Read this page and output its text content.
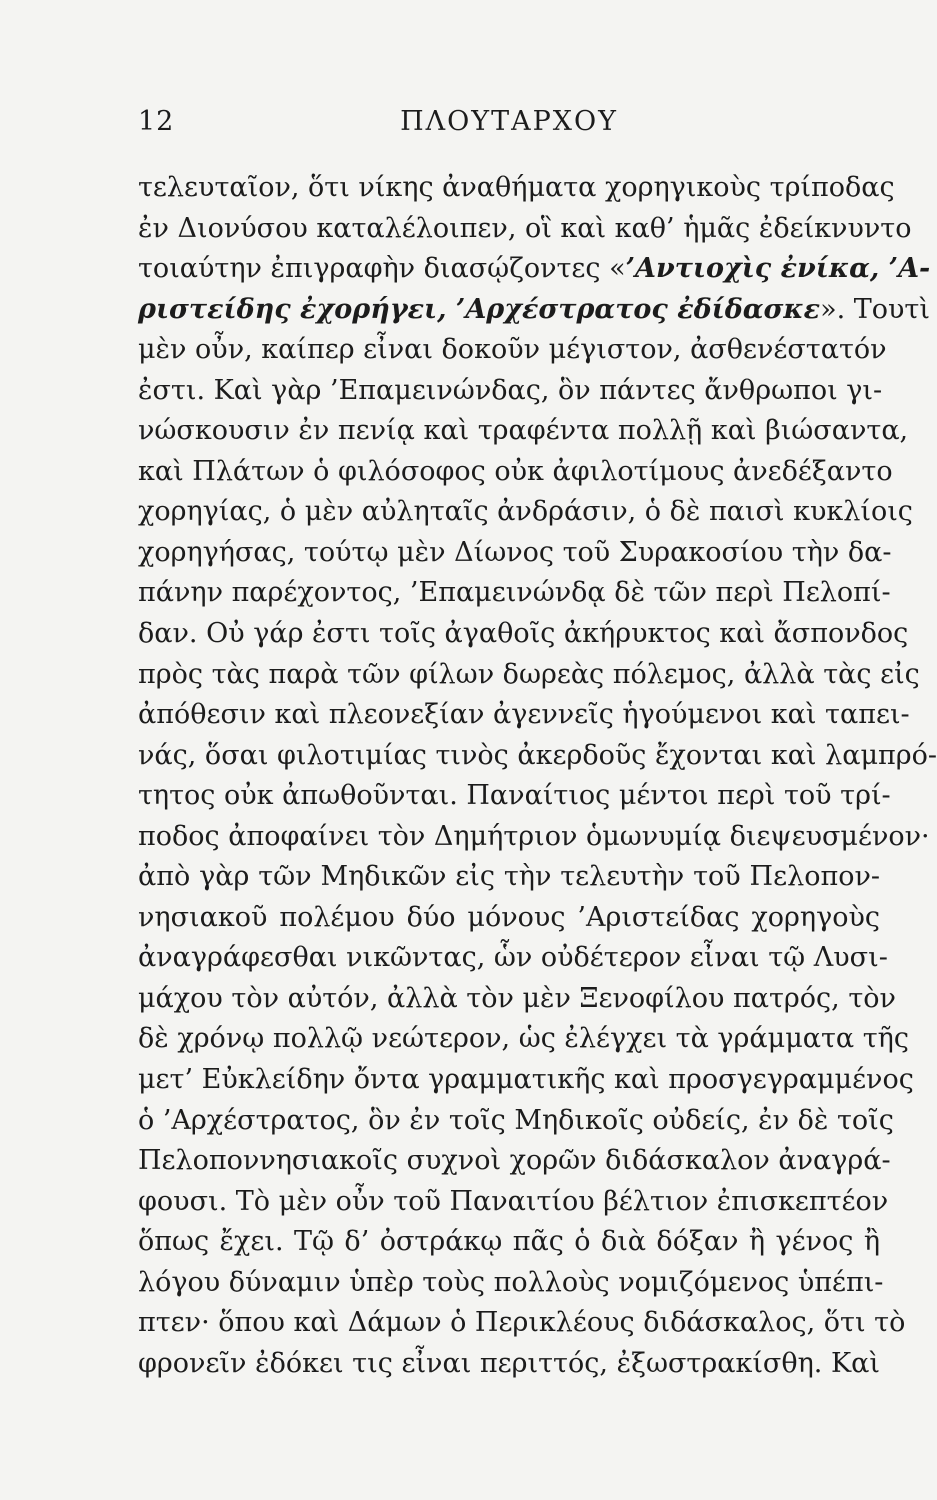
12	ΠΛΟΥΤΑΡΧΟΥ
τελευταῖον, ὅτι νίκης ἀναθήματα χορηγικοὺς τρίποδας
ἐν Διονύσου καταλέλοιπεν, οἳ καὶ καθ’ ἡμᾶς ἐδείκνυντο
τοιαύτην ἐπιγραφὴν διασῴζοντες «’Αντιοχὶς ἐνίκα, ’Α-
ριστείδης ἐχορήγει, ’Αρχέστρατος ἐδίδασκε». Τουτὶ
μὲν οὖν, καίπερ εἶναι δοκοῦν μέγιστον, ἀσθενέστατόν
ἐστι. Καὶ γὰρ ’Επαμεινώνδας, ὃν πάντες ἄνθρωποι γι-
νώσκουσιν ἐν πενίᾳ καὶ τραφέντα πολλῇ καὶ βιώσαντα,
καὶ Πλάτων ὁ φιλόσοφος οὐκ ἀφιλοτίμους ἀνεδέξαντο
χορηγίας, ὁ μὲν αὐληταῖς ἀνδράσιν, ὁ δὲ παισὶ κυκλίοις
χορηγήσας, τούτῳ μὲν Δίωνος τοῦ Συρακοσίου τὴν δα-
πάνην παρέχοντος, ’Επαμεινώνδᾳ δὲ τῶν περὶ Πελοπί-
δαν. Οὐ γάρ ἐστι τοῖς ἀγαθοῖς ἀκήρυκτος καὶ ἄσπονδος
πρὸς τὰς παρὰ τῶν φίλων δωρεὰς πόλεμος, ἀλλὰ τὰς εἰς
ἀπόθεσιν καὶ πλεονεξίαν ἀγεννεῖς ἡγούμενοι καὶ ταπει-
νάς, ὅσαι φιλοτιμίας τινὸς ἀκερδοῦς ἔχονται καὶ λαμπρό-
τητος οὐκ ἀπωθοῦνται. Παναίτιος μέντοι περὶ τοῦ τρί-
ποδος ἀποφαίνει τὸν Δημήτριον ὁμωνυμίᾳ διεψευσμένον·
ἀπὸ γὰρ τῶν Μηδικῶν εἰς τὴν τελευτὴν τοῦ Πελοπον-
νησιακοῦ πολέμου δύο μόνους ’Αριστείδας χορηγοὺς
ἀναγράφεσθαι νικῶντας, ὧν οὐδέτερον εἶναι τῷ Λυσι-
μάχου τὸν αὐτόν, ἀλλὰ τὸν μὲν Ξενοφίλου πατρός, τὸν
δὲ χρόνῳ πολλῷ νεώτερον, ὡς ἐλέγχει τὰ γράμματα τῆς
μετ’ Εὐκλείδην ὄντα γραμματικῆς καὶ προσγεγραμμένος
ὁ ’Αρχέστρατος, ὃν ἐν τοῖς Μηδικοῖς οὐδείς, ἐν δὲ τοῖς
Πελοποννησιακοῖς συχνοὶ χορῶν διδάσκαλον ἀναγρά-
φουσι. Τὸ μὲν οὖν τοῦ Παναιτίου βέλτιον ἐπισκεπτέον
ὅπως ἔχει. Τῷ δ’ ὀστράκῳ πᾶς ὁ διὰ δόξαν ἢ γένος ἢ
λόγου δύναμιν ὑπὲρ τοὺς πολλοὺς νομιζόμενος ὑπέπι-
πτεν· ὅπου καὶ Δάμων ὁ Περικλέους διδάσκαλος, ὅτι τὸ
φρονεῖν ἐδόκει τις εἶναι περιττός, ἐξωστρακίσθη. Καὶ
